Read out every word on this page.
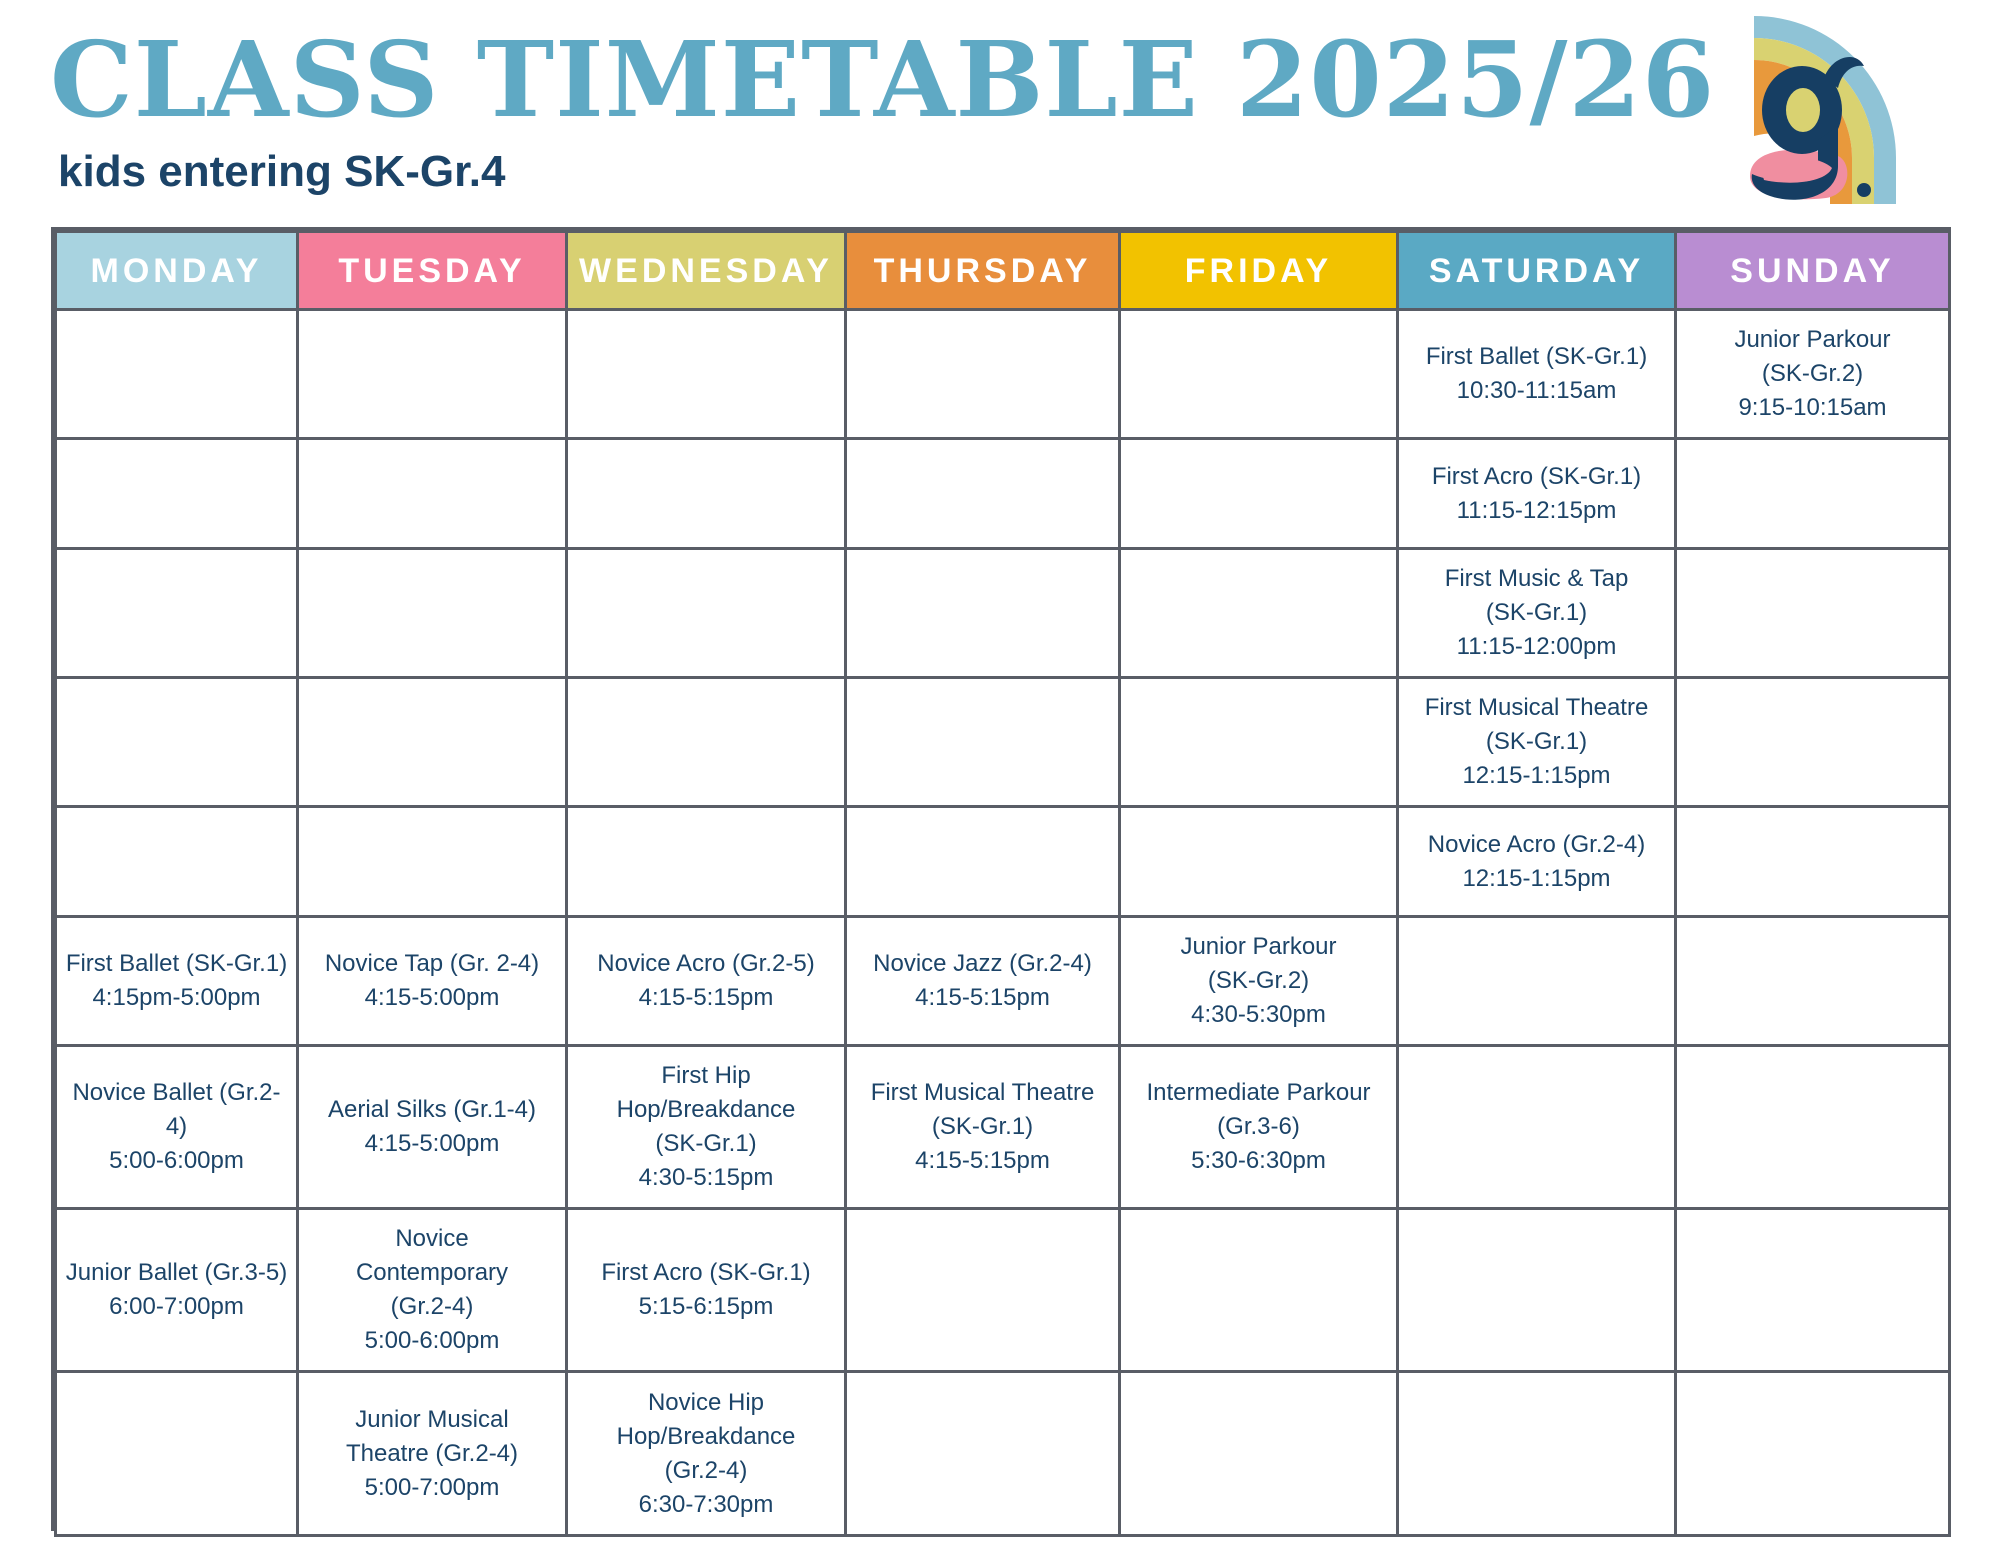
CLASS TIMETABLE 2025/26
kids entering SK-Gr.4
MONDAY	TUESDAY	WEDNESDAY	THURSDAY	FRIDAY	SATURDAY	SUNDAY

					First Ballet (SK-Gr.1)
10:30-11:15am	Junior Parkour
(SK-Gr.2)
9:15-10:15am

					First Acro (SK-Gr.1)
11:15-12:15pm	

					First Music & Tap
(SK-Gr.1)
11:15-12:00pm	

					First Musical Theatre
(SK-Gr.1)
12:15-1:15pm	

					Novice Acro (Gr.2-4)
12:15-1:15pm	

First Ballet (SK-Gr.1)
4:15pm-5:00pm	Novice Tap (Gr. 2-4)
4:15-5:00pm	Novice Acro (Gr.2-5)
4:15-5:15pm	Novice Jazz (Gr.2-4)
4:15-5:15pm	Junior Parkour
(SK-Gr.2)
4:30-5:30pm		

Novice Ballet (Gr.2-4)
5:00-6:00pm	Aerial Silks (Gr.1-4)
4:15-5:00pm	First Hip
Hop/Breakdance
(SK-Gr.1)
4:30-5:15pm	First Musical Theatre
(SK-Gr.1)
4:15-5:15pm	Intermediate Parkour
(Gr.3-6)
5:30-6:30pm		

Junior Ballet (Gr.3-5)
6:00-7:00pm	Novice
Contemporary
(Gr.2-4)
5:00-6:00pm	First Acro (SK-Gr.1)
5:15-6:15pm				

	Junior Musical
Theatre (Gr.2-4)
5:00-7:00pm	Novice Hip
Hop/Breakdance
(Gr.2-4)
6:30-7:30pm				
